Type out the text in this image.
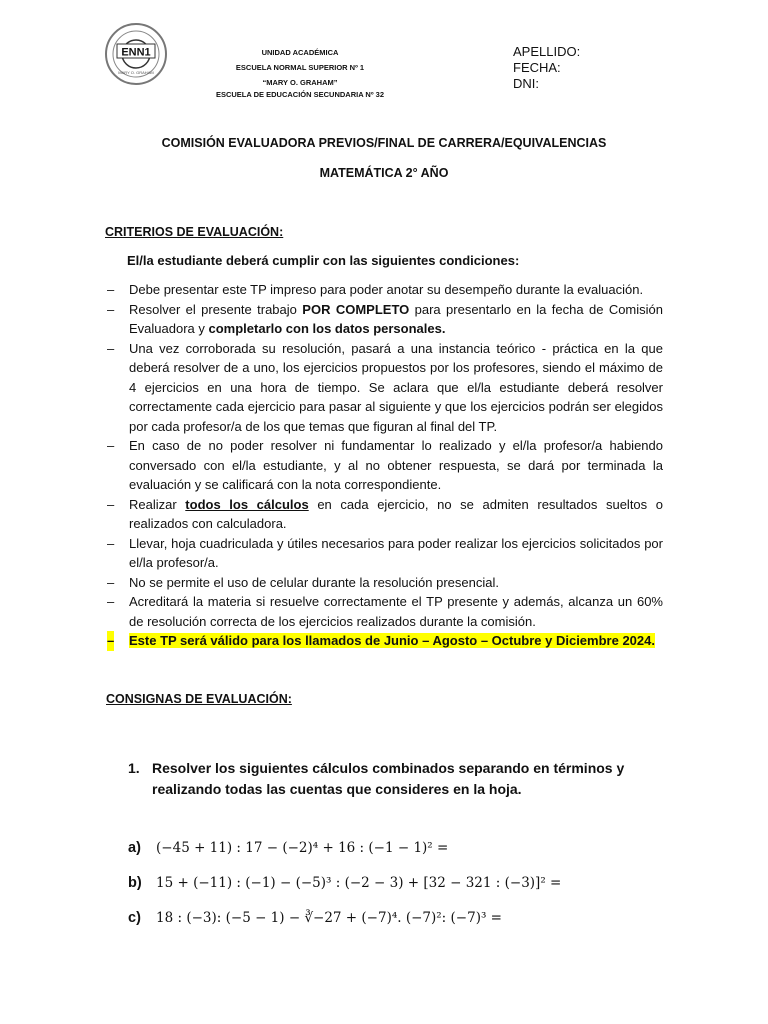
ENN1
MARY O. GRAHAM
UNIDAD ACADÉMICA
ESCUELA NORMAL SUPERIOR Nº 1
“MARY O. GRAHAM”
ESCUELA DE EDUCACIÓN SECUNDARIA Nº 32
APELLIDO:
FECHA:
DNI:
COMISIÓN EVALUADORA PREVIOS/FINAL DE CARRERA/EQUIVALENCIAS
MATEMÁTICA 2° AÑO
CRITERIOS DE EVALUACIÓN:
El/la estudiante deberá cumplir con las siguientes condiciones:
– Debe presentar este TP impreso para poder anotar su desempeño durante la evaluación.
– Resolver el presente trabajo POR COMPLETO para presentarlo en la fecha de Comisión Evaluadora y completarlo con los datos personales.
– Una vez corroborada su resolución, pasará a una instancia teórico - práctica en la que deberá resolver de a uno, los ejercicios propuestos por los profesores, siendo el máximo de 4 ejercicios en una hora de tiempo. Se aclara que el/la estudiante deberá resolver correctamente cada ejercicio para pasar al siguiente y que los ejercicios podrán ser elegidos por cada profesor/a de los que temas que figuran al final del TP.
– En caso de no poder resolver ni fundamentar lo realizado y el/la profesor/a habiendo conversado con el/la estudiante, y al no obtener respuesta, se dará por terminada la evaluación y se calificará con la nota correspondiente.
– Realizar todos los cálculos en cada ejercicio, no se admiten resultados sueltos o realizados con calculadora.
– Llevar, hoja cuadriculada y útiles necesarios para poder realizar los ejercicios solicitados por el/la profesor/a.
– No se permite el uso de celular durante la resolución presencial.
– Acreditará la materia si resuelve correctamente el TP presente y además, alcanza un 60% de resolución correcta de los ejercicios realizados durante la comisión.
– Este TP será válido para los llamados de Junio – Agosto – Octubre y Diciembre 2024.
CONSIGNAS DE EVALUACIÓN:
1. Resolver los siguientes cálculos combinados separando en términos y realizando todas las cuentas que consideres en la hoja.
a) (−45 + 11) : 17 − (−2)⁴ + 16 : (−1 − 1)² =
b) 15 + (−11) : (−1) − (−5)³ : (−2 − 3) + [32 − 321 : (−3)]² =
c) 18 : (−3): (−5 − 1) − ∛−27 + (−7)⁴. (−7)²: (−7)³ =
